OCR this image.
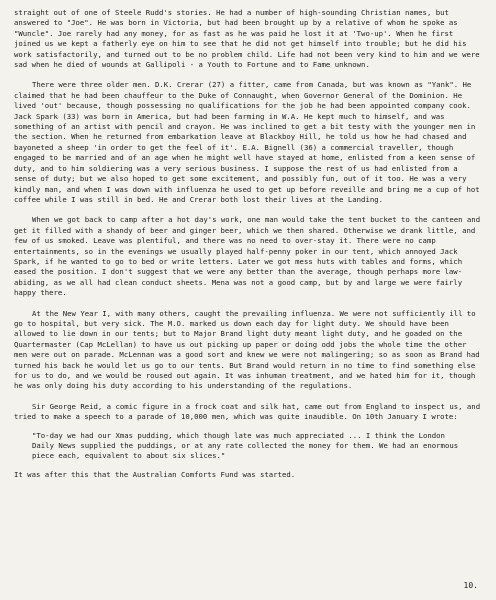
straight out of one of Steele Rudd's stories. He had a number of high-sounding Christian names, but answered to "Joe". He was born in Victoria, but had been brought up by a relative of whom he spoke as "Wuncle". Joe rarely had any money, for as fast as he was paid he lost it at 'Two-up'. When he first joined us we kept a fatherly eye on him to see that he did not get himself into trouble; but he did his work satisfactorily, and turned out to be no problem child. Life had not been very kind to him and we were sad when he died of wounds at Gallipoli - a Youth to Fortune and to Fame unknown.

There were three older men. D.K. Crerar (27) a fitter, came from Canada, but was known as "Yank". He claimed that he had been chauffeur to the Duke of Connaught, when Governor General of the Dominion. He lived 'out' because, though possessing no qualifications for the job he had been appointed company cook. Jack Spark (33) was born in America, but had been farming in W.A. He kept much to himself, and was something of an artist with pencil and crayon. He was inclined to get a bit testy with the younger men in the section. When he returned from embarkation leave at Blackboy Hill, he told us how he had chased and bayoneted a sheep 'in order to get the feel of it'. E.A. Bignell (36) a commercial traveller, though engaged to be married and of an age when he might well have stayed at home, enlisted from a keen sense of duty, and to him soldiering was a very serious business. I suppose the rest of us had enlisted from a sense of duty; but we also hoped to get some excitement, and possibly fun, out of it too. He was a very kindly man, and when I was down with influenza he used to get up before reveille and bring me a cup of hot coffee while I was still in bed. He and Crerar both lost their lives at the Landing.

When we got back to camp after a hot day's work, one man would take the tent bucket to the canteen and get it filled with a shandy of beer and ginger beer, which we then shared. Otherwise we drank little, and few of us smoked. Leave was plentiful, and there was no need to over-stay it. There were no camp entertainments, so in the evenings we usually played half-penny poker in our tent, which annoyed Jack Spark, if he wanted to go to bed or write letters. Later we got mess huts with tables and forms, which eased the position. I don't suggest that we were any better than the average, though perhaps more law-abiding, as we all had clean conduct sheets. Mena was not a good camp, but by and large we were fairly happy there.

At the New Year I, with many others, caught the prevailing influenza. We were not sufficiently ill to go to hospital, but very sick. The M.O. marked us down each day for light duty. We should have been allowed to lie down in our tents; but to Major Brand light duty meant light duty, and he goaded on the Quartermaster (Cap McLellan) to have us out picking up paper or doing odd jobs the whole time the other men were out on parade. McLennan was a good sort and knew we were not malingering; so as soon as Brand had turned his back he would let us go to our tents. But Brand would return in no time to find something else for us to do, and we would be roused out again. It was inhuman treatment, and we hated him for it, though he was only doing his duty according to his understanding of the regulations.

Sir George Reid, a comic figure in a frock coat and silk hat, came out from England to inspect us, and tried to make a speech to a parade of 10,000 men, which was quite inaudible. On 10th January I wrote:

"To-day we had our Xmas pudding, which though late was much appreciated ... I think the London Daily News supplied the puddings, or at any rate collected the money for them. We had an enormous piece each, equivalent to about six slices."

It was after this that the Australian Comforts Fund was started.

10.
